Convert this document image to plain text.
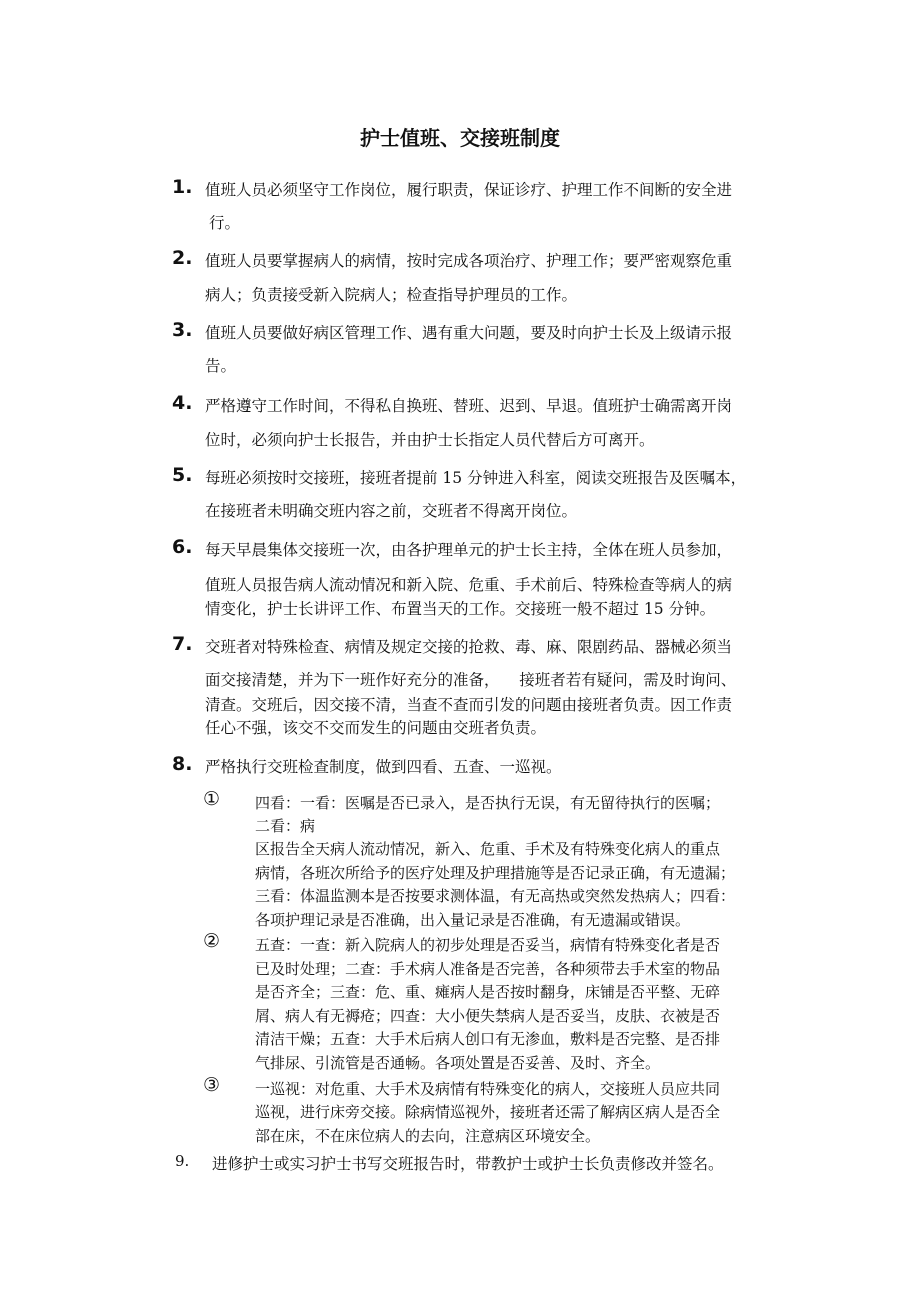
护士值班、交接班制度
1. 值班人员必须坚守工作岗位，履行职责，保证诊疗、护理工作不间断的安全进
行。
2. 值班人员要掌握病人的病情，按时完成各项治疗、护理工作；要严密观察危重
病人；负责接受新入院病人；检查指导护理员的工作。
3. 值班人员要做好病区管理工作、遇有重大问题，要及时向护士长及上级请示报
告。
4. 严格遵守工作时间，不得私自换班、替班、迟到、早退。值班护士确需离开岗
位时，必须向护士长报告，并由护士长指定人员代替后方可离开。
5. 每班必须按时交接班，接班者提前 15 分钟进入科室，阅读交班报告及医嘱本，
在接班者未明确交班内容之前，交班者不得离开岗位。
6. 每天早晨集体交接班一次，由各护理单元的护士长主持，全体在班人员参加，
值班人员报告病人流动情况和新入院、危重、手术前后、特殊检查等病人的病
情变化，护士长讲评工作、布置当天的工作。交接班一般不超过 15 分钟。
7. 交班者对特殊检查、病情及规定交接的抢救、毒、麻、限剧药品、器械必须当
面交接清楚，并为下一班作好充分的准备，    接班者若有疑问，需及时询问、
清查。交班后，因交接不清，当查不查而引发的问题由接班者负责。因工作责
任心不强，该交不交而发生的问题由交班者负责。
8. 严格执行交班检查制度，做到四看、五查、一巡视。
① 四看：一看：医嘱是否已录入，是否执行无误，有无留待执行的医嘱；
二看：病
区报告全天病人流动情况，新入、危重、手术及有特殊变化病人的重点
病情，各班次所给予的医疗处理及护理措施等是否记录正确，有无遗漏；
三看：体温监测本是否按要求测体温，有无高热或突然发热病人；四看：
各项护理记录是否准确，出入量记录是否准确，有无遗漏或错误。
② 五查：一查：新入院病人的初步处理是否妥当，病情有特殊变化者是否
已及时处理；二查：手术病人准备是否完善，各种须带去手术室的物品
是否齐全；三查：危、重、瘫病人是否按时翻身，床铺是否平整、无碎
屑、病人有无褥疮；四查：大小便失禁病人是否妥当，皮肤、衣被是否
清洁干燥；五查：大手术后病人创口有无渗血，敷料是否完整、是否排
气排尿、引流管是否通畅。各项处置是否妥善、及时、齐全。
③ 一巡视：对危重、大手术及病情有特殊变化的病人，交接班人员应共同
巡视，进行床旁交接。除病情巡视外，接班者还需了解病区病人是否全
部在床，不在床位病人的去向，注意病区环境安全。
9. 进修护士或实习护士书写交班报告时，带教护士或护士长负责修改并签名。
